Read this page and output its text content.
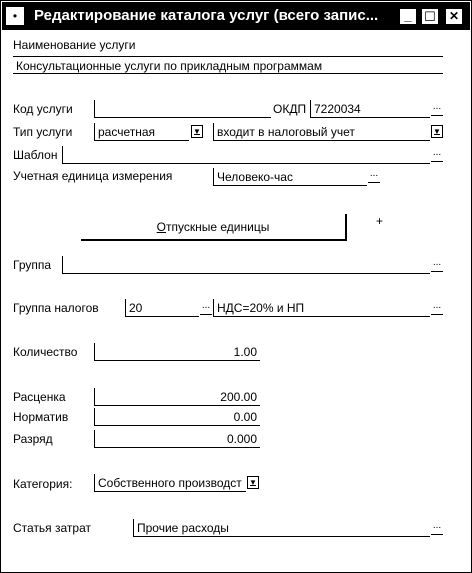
•	Редактирование каталога услуг (всего запис...	_ ☐	✕
Наименование услуги
Консультационные услуги по прикладным программам
Код услуги	ОКДП 7220034	...
Тип услуги	расчетная	▼	входит в налоговый учет	▼
Шаблон	...
Учетная единица измерения	Человеко-час	...
Отпускные единицы	+
Группа	...
Группа налогов	20	... НДС=20% и НП	...
Количество	1.00
Расценка	200.00
Норматив	0.00
Разряд	0.000
Категория:	Собственного производст ▼
Статья затрат	Прочие расходы	...
